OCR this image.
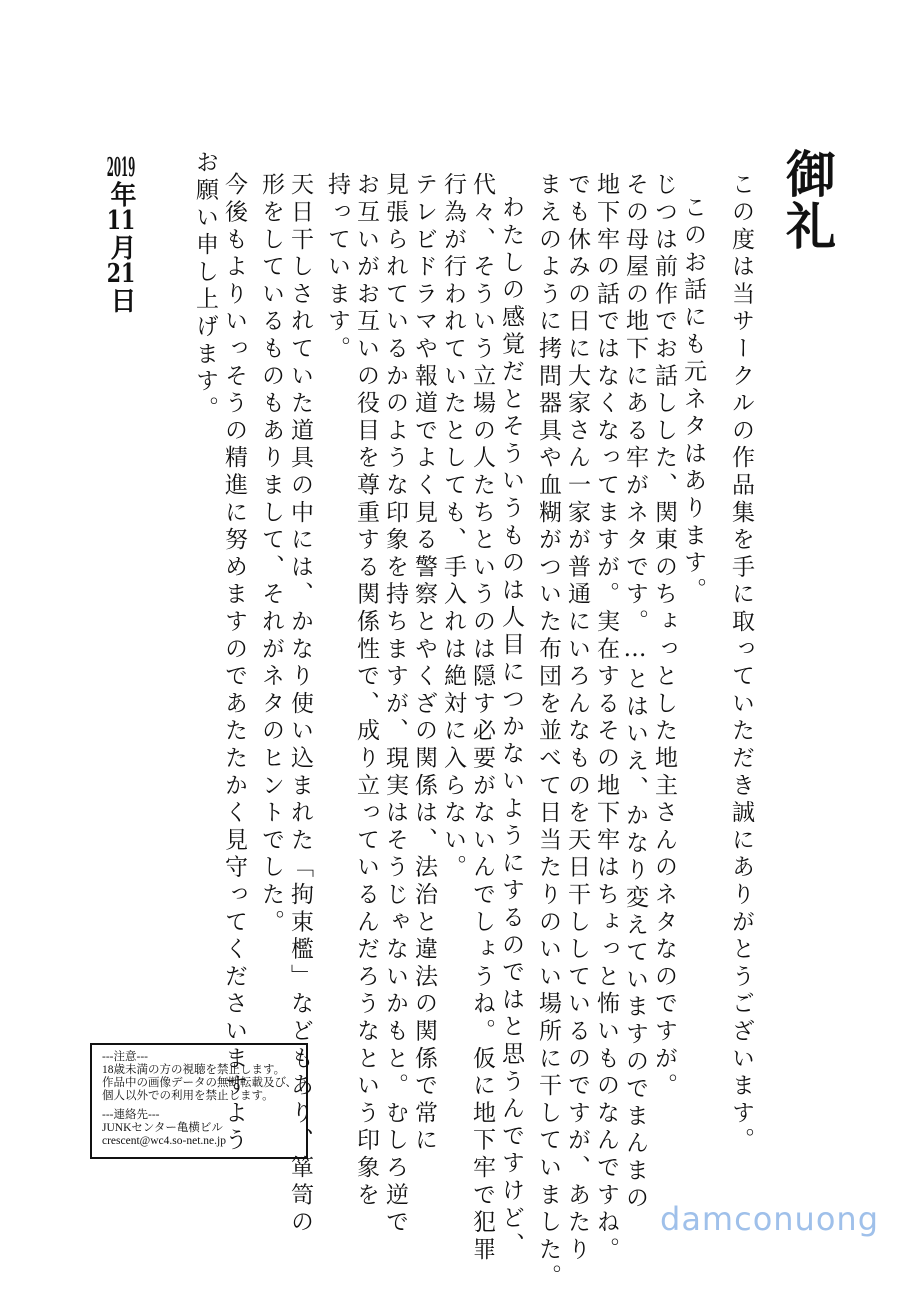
御礼
この度は当サークルの作品集を手に取っていただき誠にありがとうございます。
このお話にも元ネタはあります。
じつは前作でお話しした、関東のちょっとした地主さんのネタなのですが。
その母屋の地下にある牢がネタです。…とはいえ、かなり変えていますのでまんまの
地下牢の話ではなくなってますが。実在するその地下牢はちょっと怖いものなんですね。
でも休みの日に大家さん一家が普通にいろんなものを天日干ししているのですが、あたり
まえのように拷問器具や血糊がついた布団を並べて日当たりのいい場所に干していました。
わたしの感覚だとそういうものは人目につかないようにするのではと思うんですけど、
代々、そういう立場の人たちというのは隠す必要がないんでしょうね。仮に地下牢で犯罪
行為が行われていたとしても、手入れは絶対に入らない。
テレビドラマや報道でよく見る警察とやくざの関係は、法治と違法の関係で常に
見張られているかのような印象を持ちますが、現実はそうじゃないかもと。むしろ逆で
お互いがお互いの役目を尊重する関係性で、成り立っているんだろうなという印象を
持っています。
天日干しされていた道具の中には、かなり使い込まれた「拘束檻」などもあり、箪笥の
形をしているものもありまして、それがネタのヒントでした。
今後もよりいっそうの精進に努めますのであたたかく見守ってくださいますよう
お願い申し上げます。
2019年11月21日
---注意---
18歳未満の方の視聴を禁止します。
作品中の画像データの無断転載及び、
個人以外での利用を禁止します。
---連絡先---
JUNKセンター亀横ビル
crescent@wc4.so-net.ne.jp
damconuong
